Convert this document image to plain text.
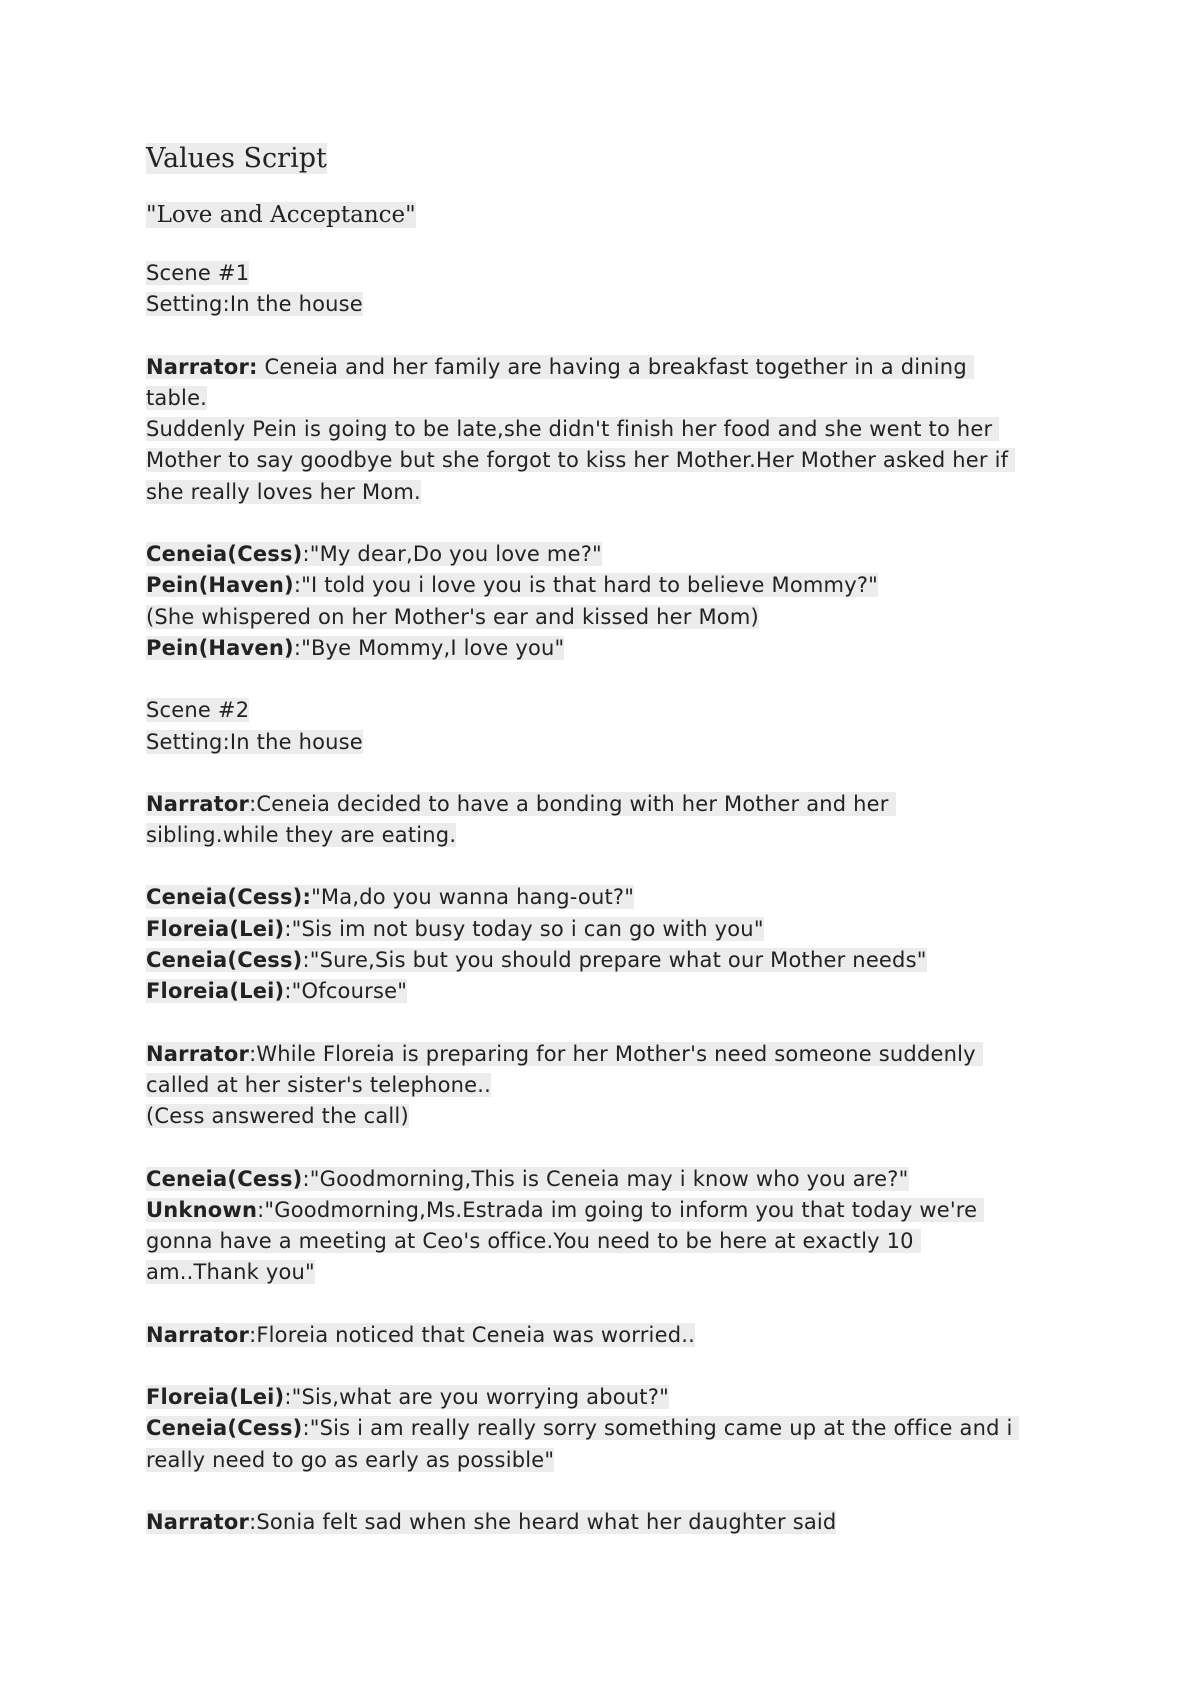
Values Script
"Love and Acceptance"
Scene #1
Setting:In the house
Narrator: Ceneia and her family are having a breakfast together in a dining
table.
Suddenly Pein is going to be late,she didn't finish her food and she went to her
Mother to say goodbye but she forgot to kiss her Mother.Her Mother asked her if
she really loves her Mom.
Ceneia(Cess):"My dear,Do you love me?"
Pein(Haven):"I told you i love you is that hard to believe Mommy?"
(She whispered on her Mother's ear and kissed her Mom)
Pein(Haven):"Bye Mommy,I love you"
Scene #2
Setting:In the house
Narrator:Ceneia decided to have a bonding with her Mother and her
sibling.while they are eating.
Ceneia(Cess):"Ma,do you wanna hang-out?"
Floreia(Lei):"Sis im not busy today so i can go with you"
Ceneia(Cess):"Sure,Sis but you should prepare what our Mother needs"
Floreia(Lei):"Ofcourse"
Narrator:While Floreia is preparing for her Mother's need someone suddenly
called at her sister's telephone..
(Cess answered the call)
Ceneia(Cess):"Goodmorning,This is Ceneia may i know who you are?"
Unknown:"Goodmorning,Ms.Estrada im going to inform you that today we're
gonna have a meeting at Ceo's office.You need to be here at exactly 10
am..Thank you"
Narrator:Floreia noticed that Ceneia was worried..
Floreia(Lei):"Sis,what are you worrying about?"
Ceneia(Cess):"Sis i am really really sorry something came up at the office and i
really need to go as early as possible"
Narrator:Sonia felt sad when she heard what her daughter said
